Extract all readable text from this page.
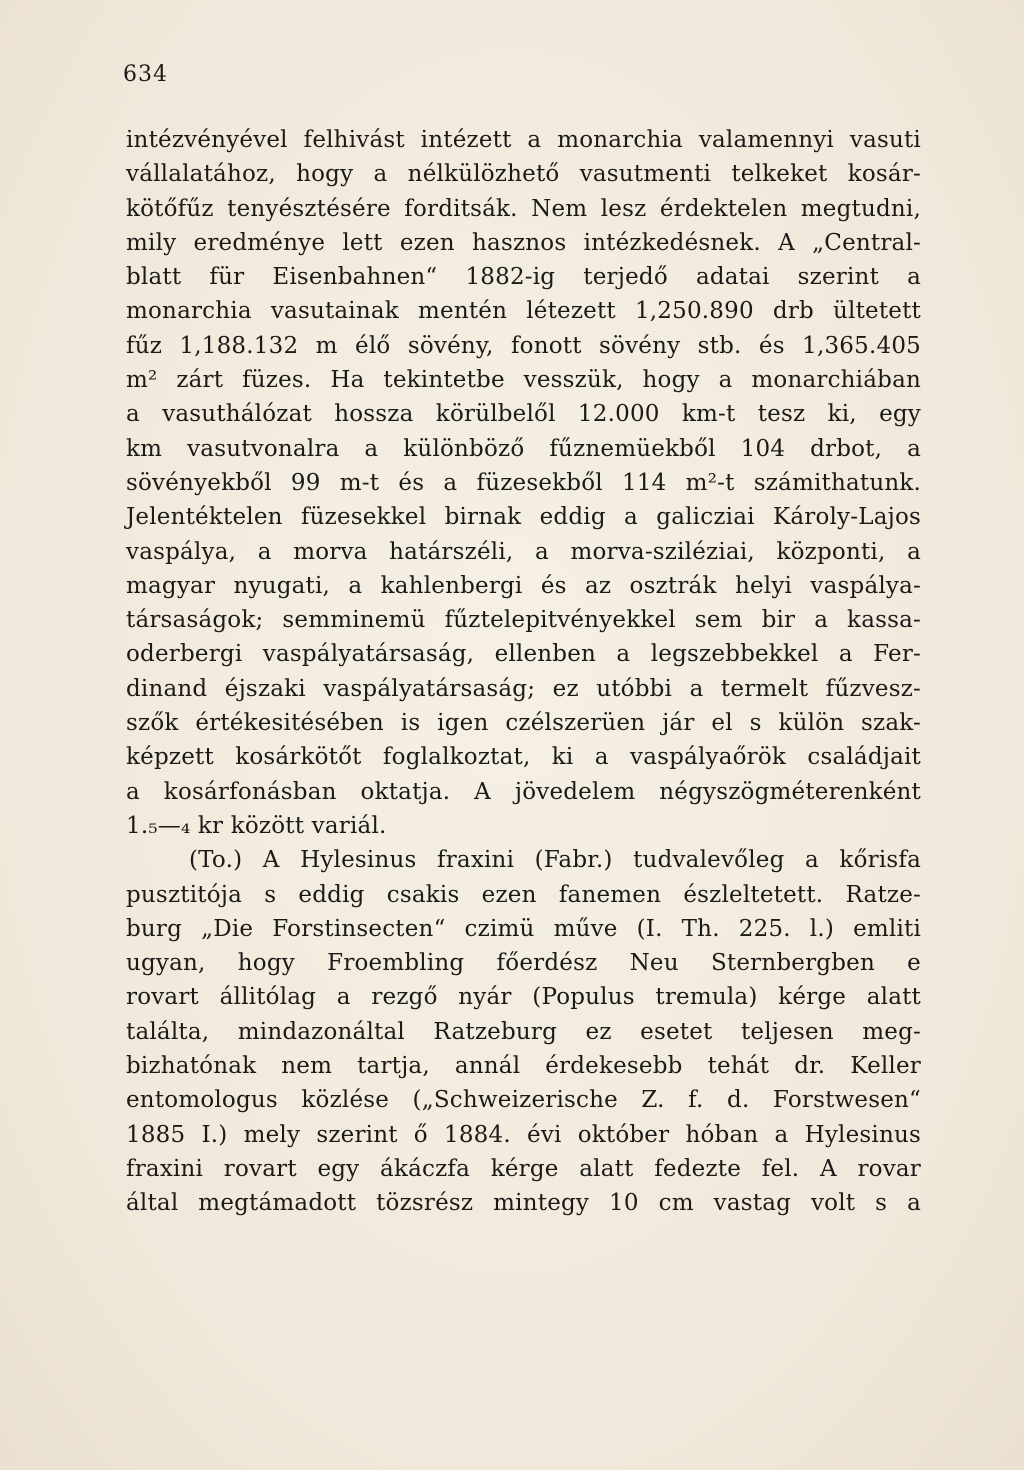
634
intézvényével felhivást intézett a monarchia valamennyi vasuti
vállalatához, hogy a nélkülözhető vasutmenti telkeket kosár-
kötőfűz tenyésztésére forditsák. Nem lesz érdektelen megtudni,
mily eredménye lett ezen hasznos intézkedésnek. A „Central-
blatt für Eisenbahnen“ 1882-ig terjedő adatai szerint a
monarchia vasutainak mentén létezett 1,250.890 drb ültetett
fűz 1,188.132 m élő sövény, fonott sövény stb. és 1,365.405
m² zárt füzes. Ha tekintetbe vesszük, hogy a monarchiában
a vasuthálózat hossza körülbelől 12.000 km-t tesz ki, egy
km vasutvonalra a különböző fűznemüekből 104 drbot, a
sövényekből 99 m-t és a füzesekből 114 m²-t számithatunk.
Jelentéktelen füzesekkel birnak eddig a galicziai Károly-Lajos
vaspálya, a morva határszéli, a morva-sziléziai, központi, a
magyar nyugati, a kahlenbergi és az osztrák helyi vaspálya-
társaságok; semminemü fűztelepitvényekkel sem bir a kassa-
oderbergi vaspályatársaság, ellenben a legszebbekkel a Fer-
dinand éjszaki vaspályatársaság; ez utóbbi a termelt fűzvesz-
szők értékesitésében is igen czélszerüen jár el s külön szak-
képzett kosárkötőt foglalkoztat, ki a vaspályaőrök családjait
a kosárfonásban oktatja. A jövedelem négyszögméterenként
1.₅—₄ kr között variál.
(To.) A Hylesinus fraxini (Fabr.) tudvalevőleg a kőrisfa
pusztitója s eddig csakis ezen fanemen észleltetett. Ratze-
burg „Die Forstinsecten“ czimü műve (I. Th. 225. l.) emliti
ugyan, hogy Froembling főerdész Neu Sternbergben e
rovart állitólag a rezgő nyár (Populus tremula) kérge alatt
találta, mindazonáltal Ratzeburg ez esetet teljesen meg-
bizhatónak nem tartja, annál érdekesebb tehát dr. Keller
entomologus közlése („Schweizerische Z. f. d. Forstwesen“
1885 I.) mely szerint ő 1884. évi október hóban a Hylesinus
fraxini rovart egy ákáczfa kérge alatt fedezte fel. A rovar
által megtámadott tözsrész mintegy 10 cm vastag volt s a
